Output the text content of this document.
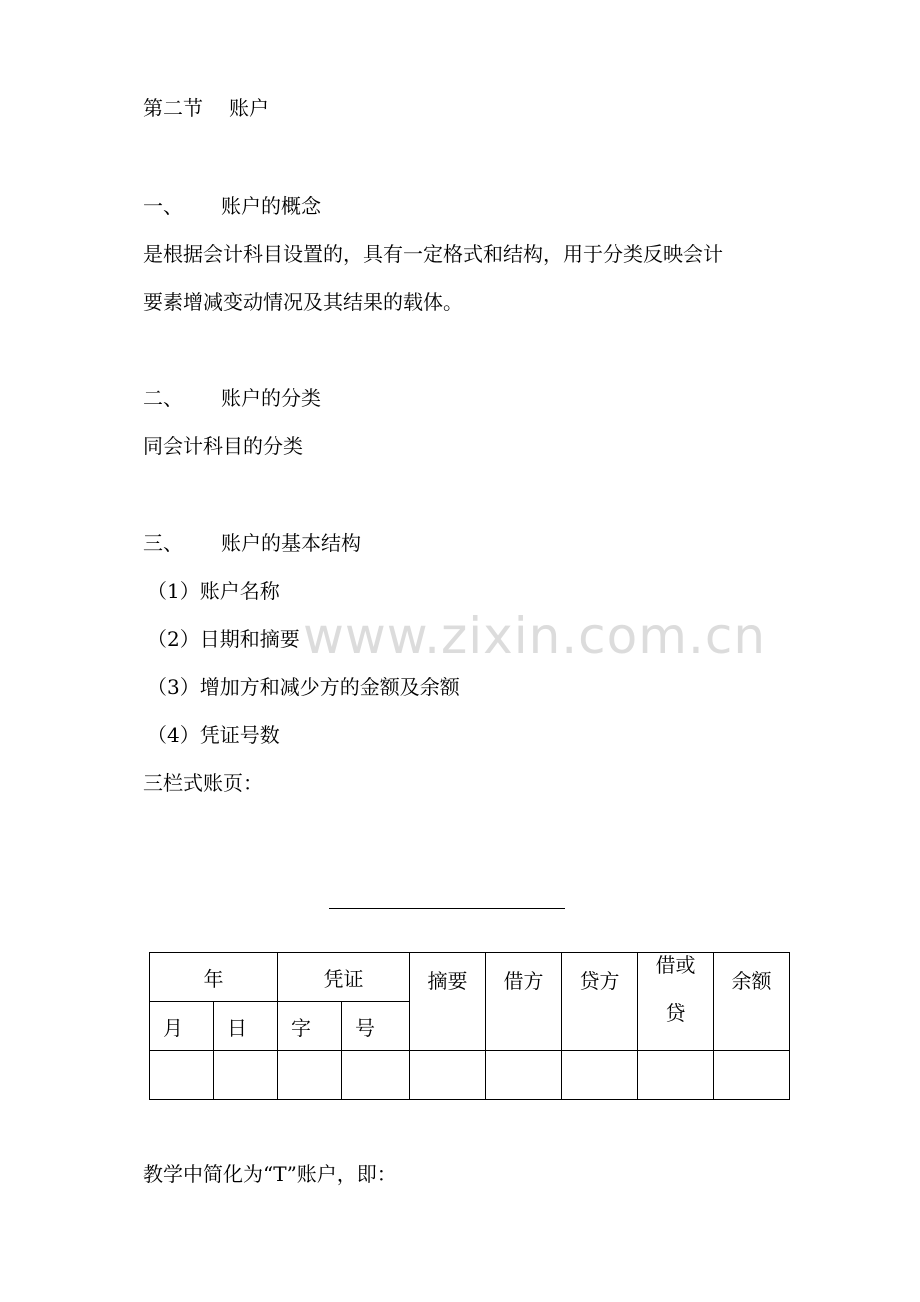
第二节 账户
一、 账户的概念
是根据会计科目设置的，具有一定格式和结构，用于分类反映会计
要素增减变动情况及其结果的载体。
二、 账户的分类
同会计科目的分类
三、 账户的基本结构
（1）账户名称
（2）日期和摘要
（3）增加方和减少方的金额及余额
（4）凭证号数
三栏式账页：
www.zixin.com.cn
年		凭证		摘要	借方	贷方	借或贷	余额
月	日	字	号					

教学中简化为“T”账户，即：
